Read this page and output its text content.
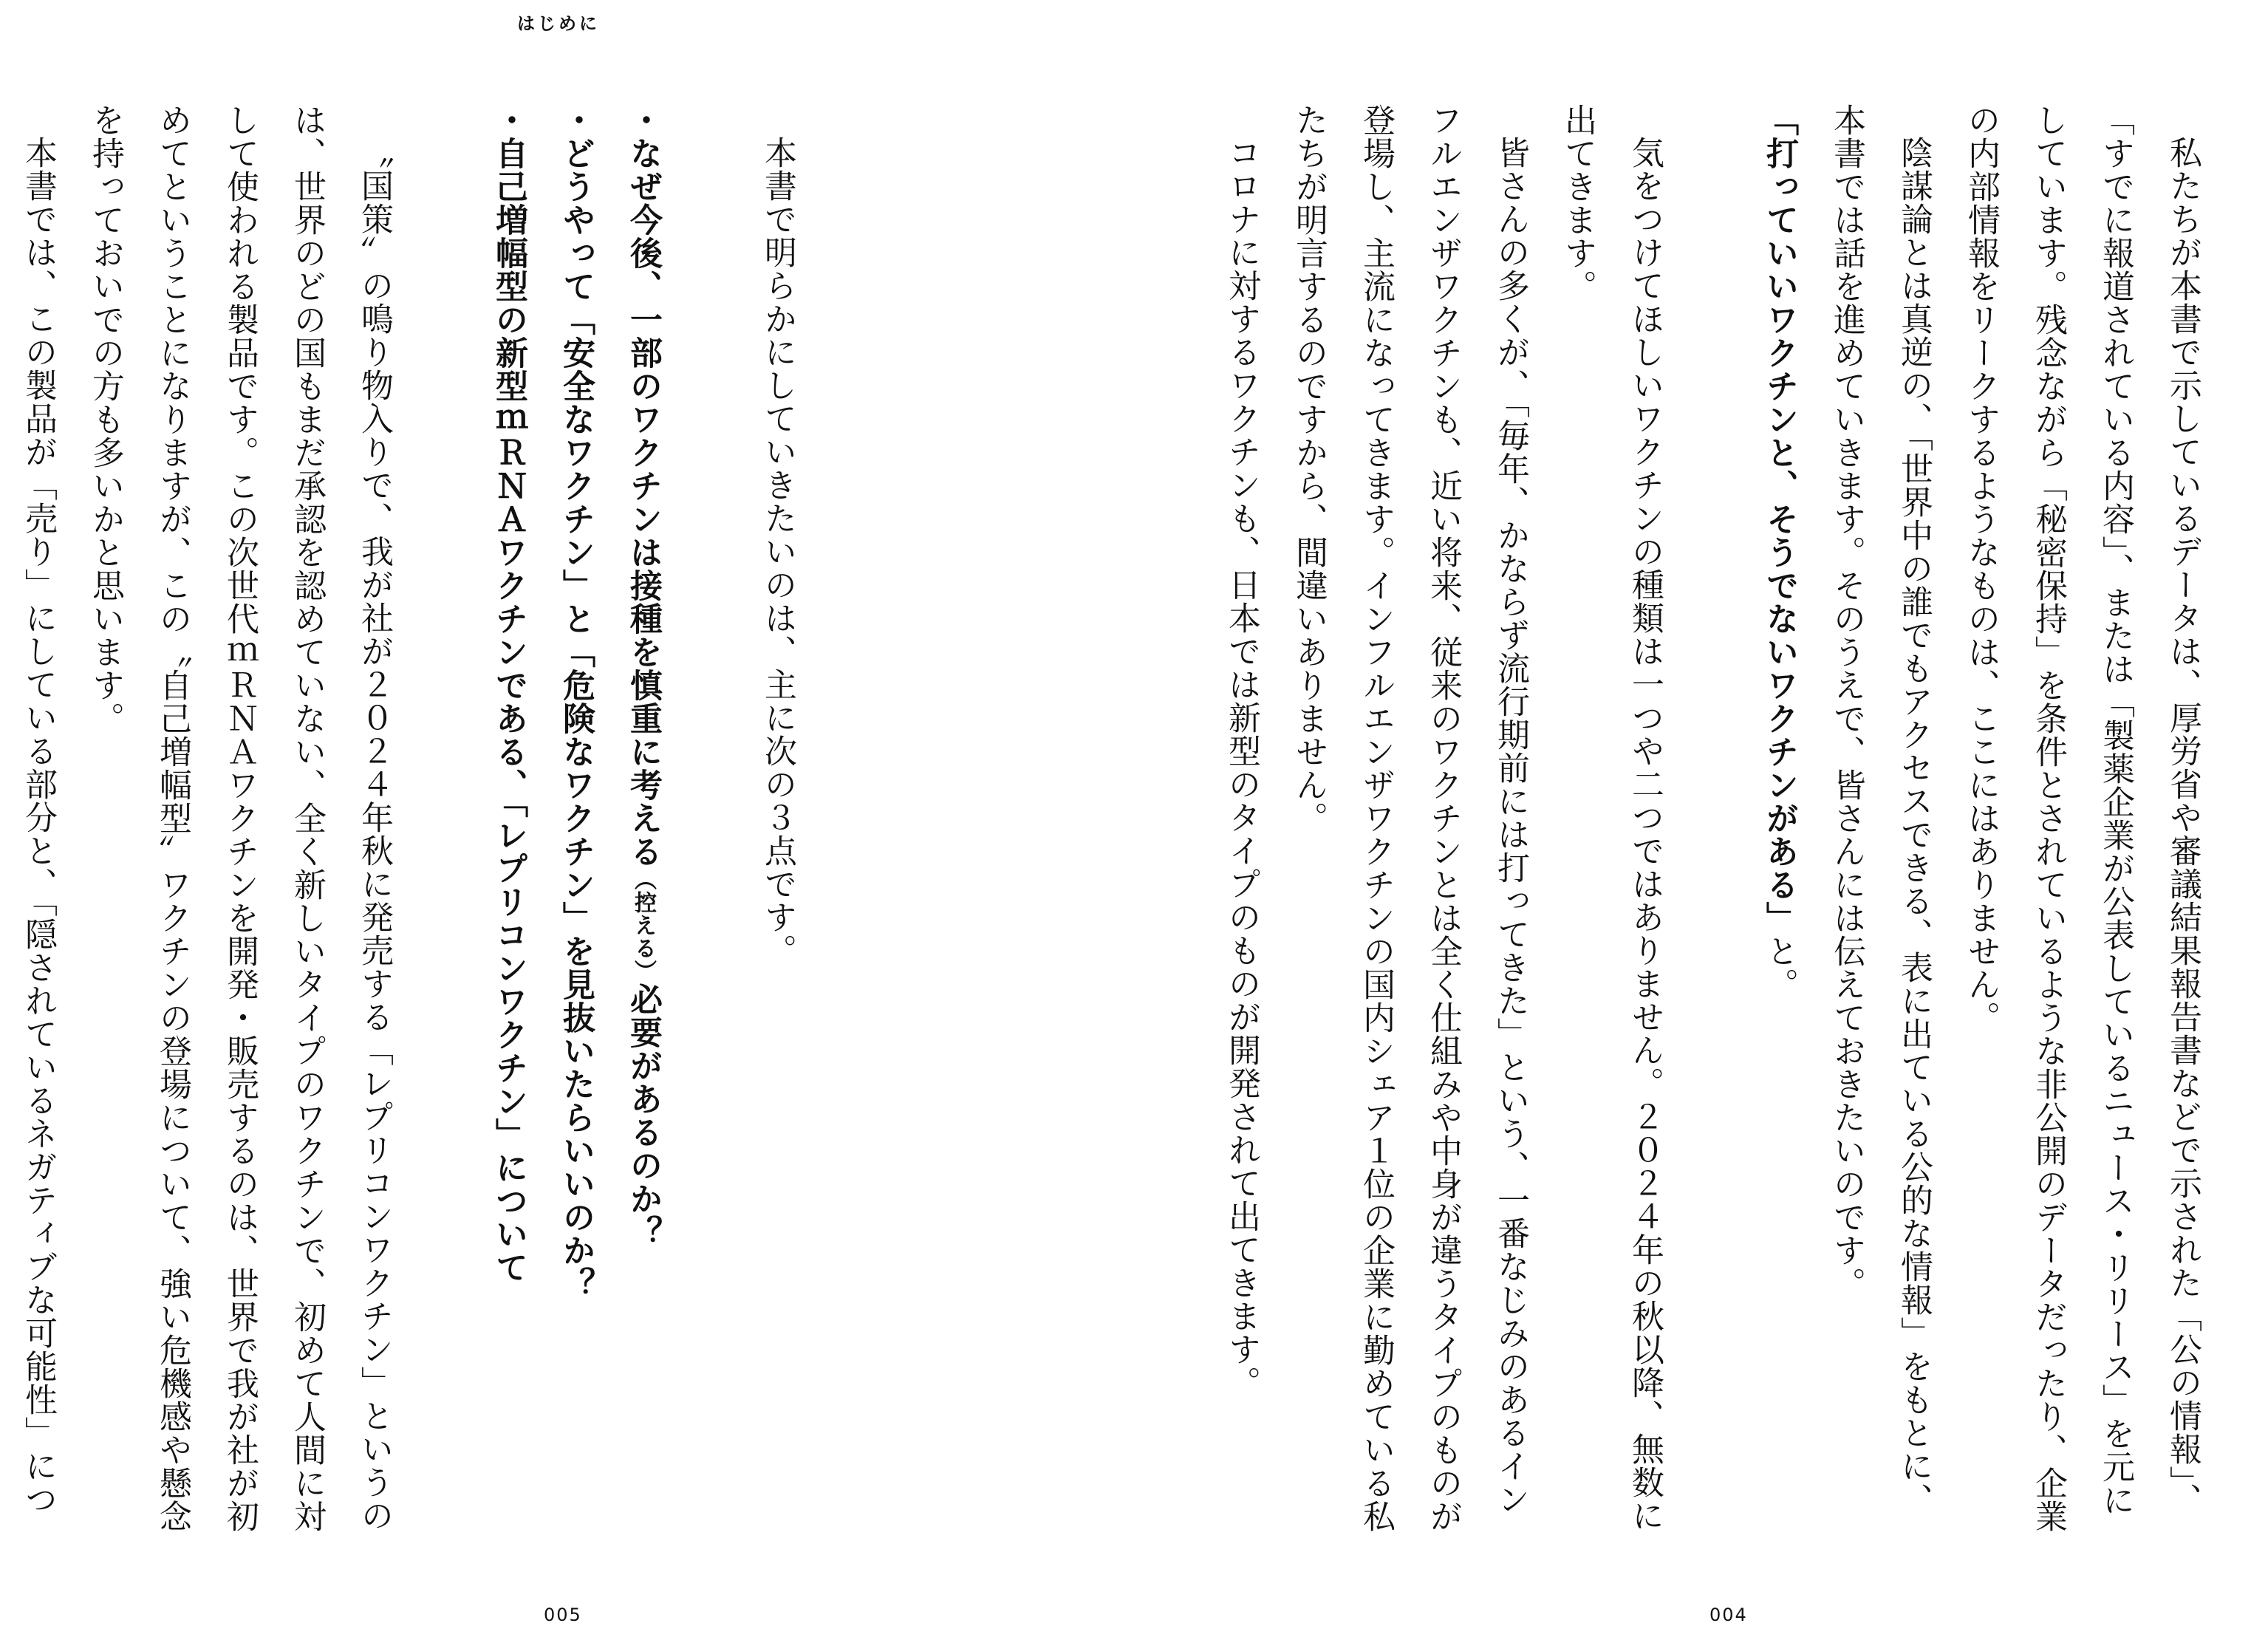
はじめに

私たちが本書で示しているデータは、厚労省や審議結果報告書などで示された「公の情報」、「すでに報道されている内容」、または「製薬企業が公表しているニュース・リリース」を元にしています。残念ながら「秘密保持」を条件とされているような非公開のデータだったり、企業の内部情報をリークするようなものは、ここにはありません。

陰謀論とは真逆の、「世界中の誰でもアクセスできる、表に出ている公的な情報」をもとに、本書では話を進めていきます。そのうえで、皆さんには伝えておきたいのです。

「打っていいワクチンと、そうでないワクチンがある」と。

気をつけてほしいワクチンの種類は一つや二つではありません。２０２４年の秋以降、無数に出てきます。

皆さんの多くが、「毎年、かならず流行期前には打ってきた」という、一番なじみのあるインフルエンザワクチンも、近い将来、従来のワクチンとは全く仕組みや中身が違うタイプのものが登場し、主流になってきます。インフルエンザワクチンの国内シェア１位の企業に勤めている私たちが明言するのですから、間違いありません。

コロナに対するワクチンも、日本では新型のタイプのものが開発されて出てきます。

本書で明らかにしていきたいのは、主に次の３点です。

・なぜ今後、一部のワクチンは接種を慎重に考える（控える）必要があるのか？

・どうやって「安全なワクチン」と「危険なワクチン」を見抜いたらいいのか？

・自己増幅型の新型ｍＲＮＡワクチンである、「レプリコンワクチン」について

〝国策〟の鳴り物入りで、我が社が２０２４年秋に発売する「レプリコンワクチン」というのは、世界のどの国もまだ承認を認めていない、全く新しいタイプのワクチンで、初めて人間に対して使われる製品です。この次世代ｍＲＮＡワクチンを開発・販売するのは、世界で我が社が初めてということになりますが、この〝自己増幅型〟ワクチンの登場について、強い危機感や懸念を持っておいでの方も多いかと思います。

本書では、この製品が「売り」にしている部分と、「隠されているネガティブな可能性」につ

005	004
